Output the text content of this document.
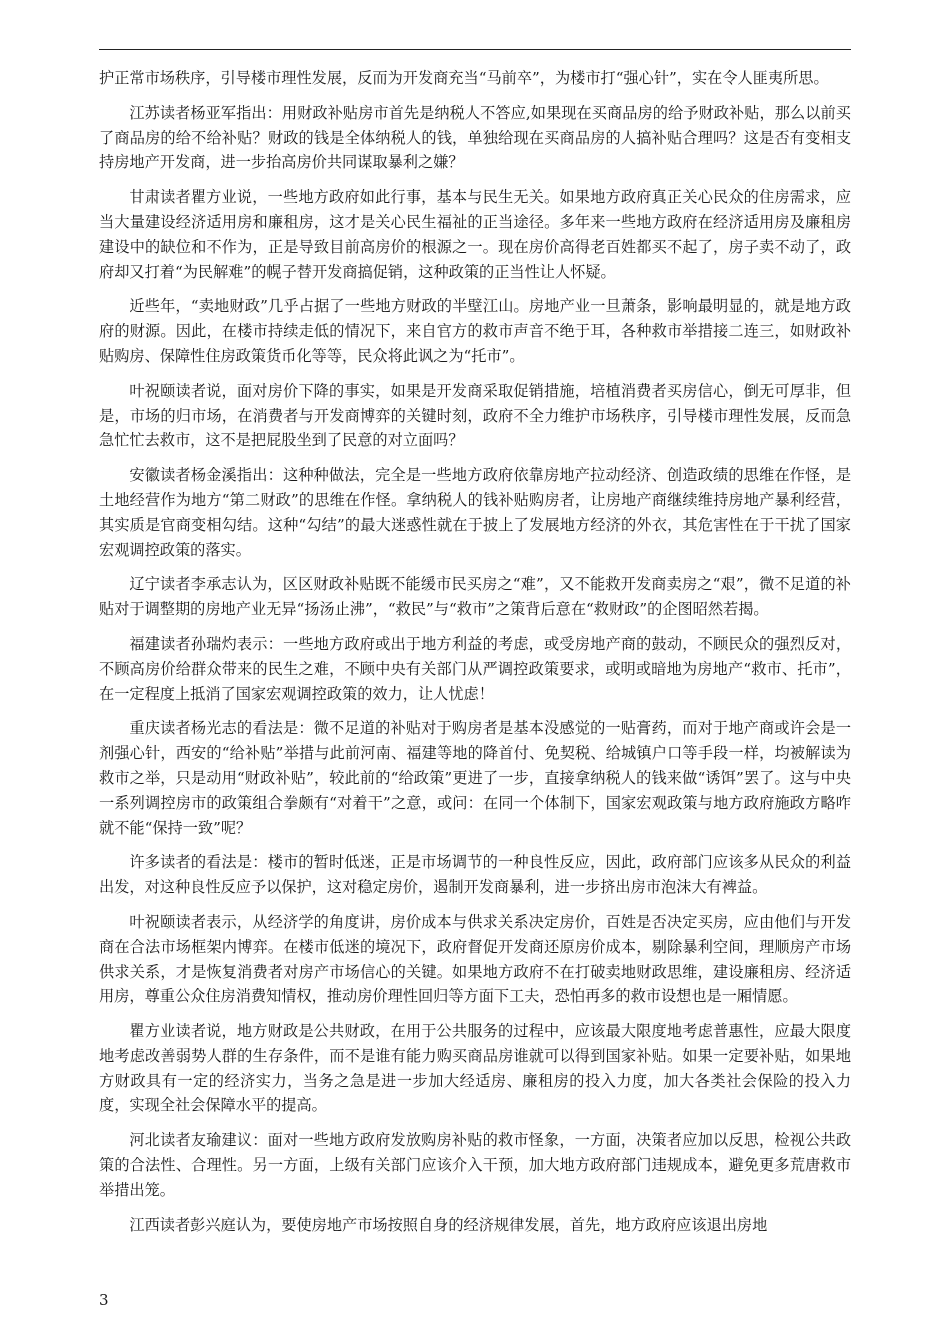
护正常市场秩序，引导楼市理性发展，反而为开发商充当“马前卒”，为楼市打“强心针”，实在令人匪夷所思。

江苏读者杨亚军指出：用财政补贴房市首先是纳税人不答应,如果现在买商品房的给予财政补贴，那么以前买了商品房的给不给补贴？财政的钱是全体纳税人的钱，单独给现在买商品房的人搞补贴合理吗？这是否有变相支持房地产开发商，进一步抬高房价共同谋取暴利之嫌？

甘肃读者瞿方业说，一些地方政府如此行事，基本与民生无关。如果地方政府真正关心民众的住房需求，应当大量建设经济适用房和廉租房，这才是关心民生福祉的正当途径。多年来一些地方政府在经济适用房及廉租房建设中的缺位和不作为，正是导致目前高房价的根源之一。现在房价高得老百姓都买不起了，房子卖不动了，政府却又打着“为民解难”的幌子替开发商搞促销，这种政策的正当性让人怀疑。

近些年，“卖地财政”几乎占据了一些地方财政的半壁江山。房地产业一旦萧条，影响最明显的，就是地方政府的财源。因此，在楼市持续走低的情况下，来自官方的救市声音不绝于耳，各种救市举措接二连三，如财政补贴购房、保障性住房政策货币化等等，民众将此讽之为“托市”。

叶祝颐读者说，面对房价下降的事实，如果是开发商采取促销措施，培植消费者买房信心，倒无可厚非，但是，市场的归市场，在消费者与开发商博弈的关键时刻，政府不全力维护市场秩序，引导楼市理性发展，反而急急忙忙去救市，这不是把屁股坐到了民意的对立面吗？

安徽读者杨金溪指出：这种种做法，完全是一些地方政府依靠房地产拉动经济、创造政绩的思维在作怪，是土地经营作为地方“第二财政”的思维在作怪。拿纳税人的钱补贴购房者，让房地产商继续维持房地产暴利经营，其实质是官商变相勾结。这种“勾结”的最大迷惑性就在于披上了发展地方经济的外衣，其危害性在于干扰了国家宏观调控政策的落实。

辽宁读者李承志认为，区区财政补贴既不能缓市民买房之“难”，又不能救开发商卖房之“艰”，微不足道的补贴对于调整期的房地产业无异“扬汤止沸”，“救民”与“救市”之策背后意在“救财政”的企图昭然若揭。

福建读者孙瑞灼表示：一些地方政府或出于地方利益的考虑，或受房地产商的鼓动，不顾民众的强烈反对，不顾高房价给群众带来的民生之难，不顾中央有关部门从严调控政策要求，或明或暗地为房地产“救市、托市”，在一定程度上抵消了国家宏观调控政策的效力，让人忧虑！

重庆读者杨光志的看法是：微不足道的补贴对于购房者是基本没感觉的一贴膏药，而对于地产商或许会是一剂强心针，西安的“给补贴”举措与此前河南、福建等地的降首付、免契税、给城镇户口等手段一样，均被解读为救市之举，只是动用“财政补贴”，较此前的“给政策”更进了一步，直接拿纳税人的钱来做“诱饵”罢了。这与中央一系列调控房市的政策组合拳颇有“对着干”之意，或问：在同一个体制下，国家宏观政策与地方政府施政方略咋就不能“保持一致”呢？

许多读者的看法是：楼市的暂时低迷，正是市场调节的一种良性反应，因此，政府部门应该多从民众的利益出发，对这种良性反应予以保护，这对稳定房价，遏制开发商暴利，进一步挤出房市泡沫大有裨益。

叶祝颐读者表示，从经济学的角度讲，房价成本与供求关系决定房价，百姓是否决定买房，应由他们与开发商在合法市场框架内博弈。在楼市低迷的境况下，政府督促开发商还原房价成本，剔除暴利空间，理顺房产市场供求关系，才是恢复消费者对房产市场信心的关键。如果地方政府不在打破卖地财政思维，建设廉租房、经济适用房，尊重公众住房消费知情权，推动房价理性回归等方面下工夫，恐怕再多的救市设想也是一厢情愿。

瞿方业读者说，地方财政是公共财政，在用于公共服务的过程中，应该最大限度地考虑普惠性，应最大限度地考虑改善弱势人群的生存条件，而不是谁有能力购买商品房谁就可以得到国家补贴。如果一定要补贴，如果地方财政具有一定的经济实力，当务之急是进一步加大经适房、廉租房的投入力度，加大各类社会保险的投入力度，实现全社会保障水平的提高。

河北读者友瑜建议：面对一些地方政府发放购房补贴的救市怪象，一方面，决策者应加以反思，检视公共政策的合法性、合理性。另一方面，上级有关部门应该介入干预，加大地方政府部门违规成本，避免更多荒唐救市举措出笼。

江西读者彭兴庭认为，要使房地产市场按照自身的经济规律发展，首先，地方政府应该退出房地

3
